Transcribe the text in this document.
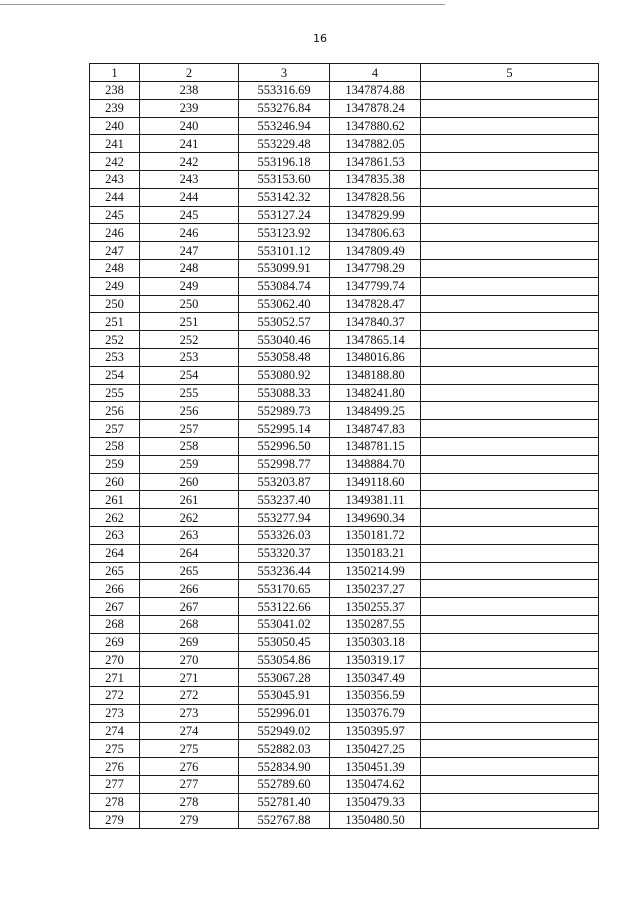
16
1	2	3	4	5
238	238	553316.69	1347874.88	
239	239	553276.84	1347878.24	
240	240	553246.94	1347880.62	
241	241	553229.48	1347882.05	
242	242	553196.18	1347861.53	
243	243	553153.60	1347835.38	
244	244	553142.32	1347828.56	
245	245	553127.24	1347829.99	
246	246	553123.92	1347806.63	
247	247	553101.12	1347809.49	
248	248	553099.91	1347798.29	
249	249	553084.74	1347799.74	
250	250	553062.40	1347828.47	
251	251	553052.57	1347840.37	
252	252	553040.46	1347865.14	
253	253	553058.48	1348016.86	
254	254	553080.92	1348188.80	
255	255	553088.33	1348241.80	
256	256	552989.73	1348499.25	
257	257	552995.14	1348747.83	
258	258	552996.50	1348781.15	
259	259	552998.77	1348884.70	
260	260	553203.87	1349118.60	
261	261	553237.40	1349381.11	
262	262	553277.94	1349690.34	
263	263	553326.03	1350181.72	
264	264	553320.37	1350183.21	
265	265	553236.44	1350214.99	
266	266	553170.65	1350237.27	
267	267	553122.66	1350255.37	
268	268	553041.02	1350287.55	
269	269	553050.45	1350303.18	
270	270	553054.86	1350319.17	
271	271	553067.28	1350347.49	
272	272	553045.91	1350356.59	
273	273	552996.01	1350376.79	
274	274	552949.02	1350395.97	
275	275	552882.03	1350427.25	
276	276	552834.90	1350451.39	
277	277	552789.60	1350474.62	
278	278	552781.40	1350479.33	
279	279	552767.88	1350480.50	
